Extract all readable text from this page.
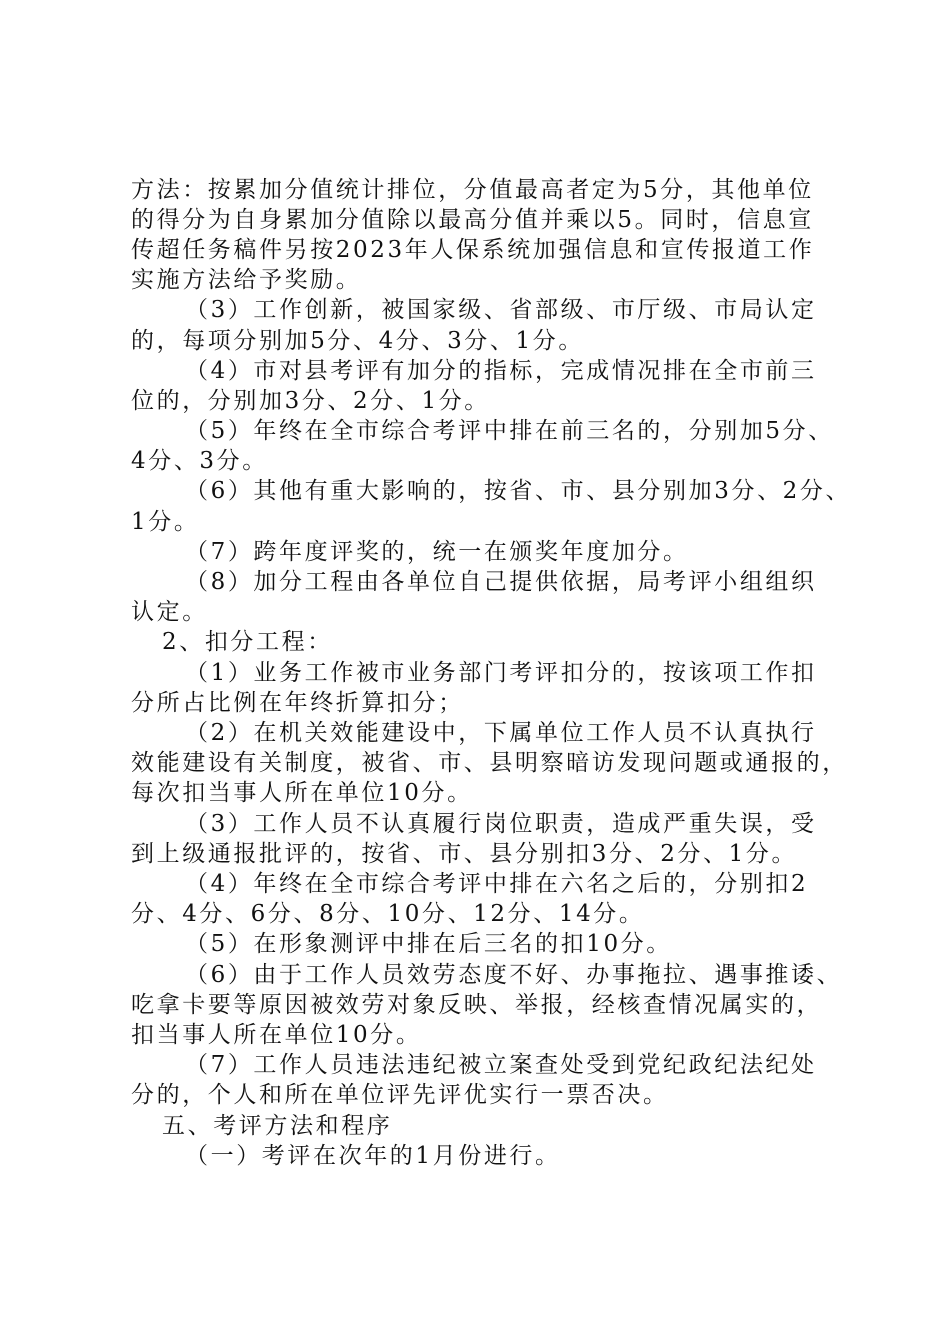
方法：按累加分值统计排位，分值最高者定为5分，其他单位
的得分为自身累加分值除以最高分值并乘以5。同时，信息宣
传超任务稿件另按2023年人保系统加强信息和宣传报道工作
实施方法给予奖励。
（3）工作创新，被国家级、省部级、市厅级、市局认定
的，每项分别加5分、4分、3分、1分。
（4）市对县考评有加分的指标，完成情况排在全市前三
位的，分别加3分、2分、1分。
（5）年终在全市综合考评中排在前三名的，分别加5分、
4分、3分。
（6）其他有重大影响的，按省、市、县分别加3分、2分、
1分。
（7）跨年度评奖的，统一在颁奖年度加分。
（8）加分工程由各单位自己提供依据，局考评小组组织
认定。
2、扣分工程：
（1）业务工作被市业务部门考评扣分的，按该项工作扣
分所占比例在年终折算扣分；
（2）在机关效能建设中，下属单位工作人员不认真执行
效能建设有关制度，被省、市、县明察暗访发现问题或通报的，
每次扣当事人所在单位10分。
（3）工作人员不认真履行岗位职责，造成严重失误，受
到上级通报批评的，按省、市、县分别扣3分、2分、1分。
（4）年终在全市综合考评中排在六名之后的，分别扣2
分、4分、6分、8分、10分、12分、14分。
（5）在形象测评中排在后三名的扣10分。
（6）由于工作人员效劳态度不好、办事拖拉、遇事推诿、
吃拿卡要等原因被效劳对象反映、举报，经核查情况属实的，
扣当事人所在单位10分。
（7）工作人员违法违纪被立案查处受到党纪政纪法纪处
分的，个人和所在单位评先评优实行一票否决。
五、考评方法和程序
（一）考评在次年的1月份进行。
